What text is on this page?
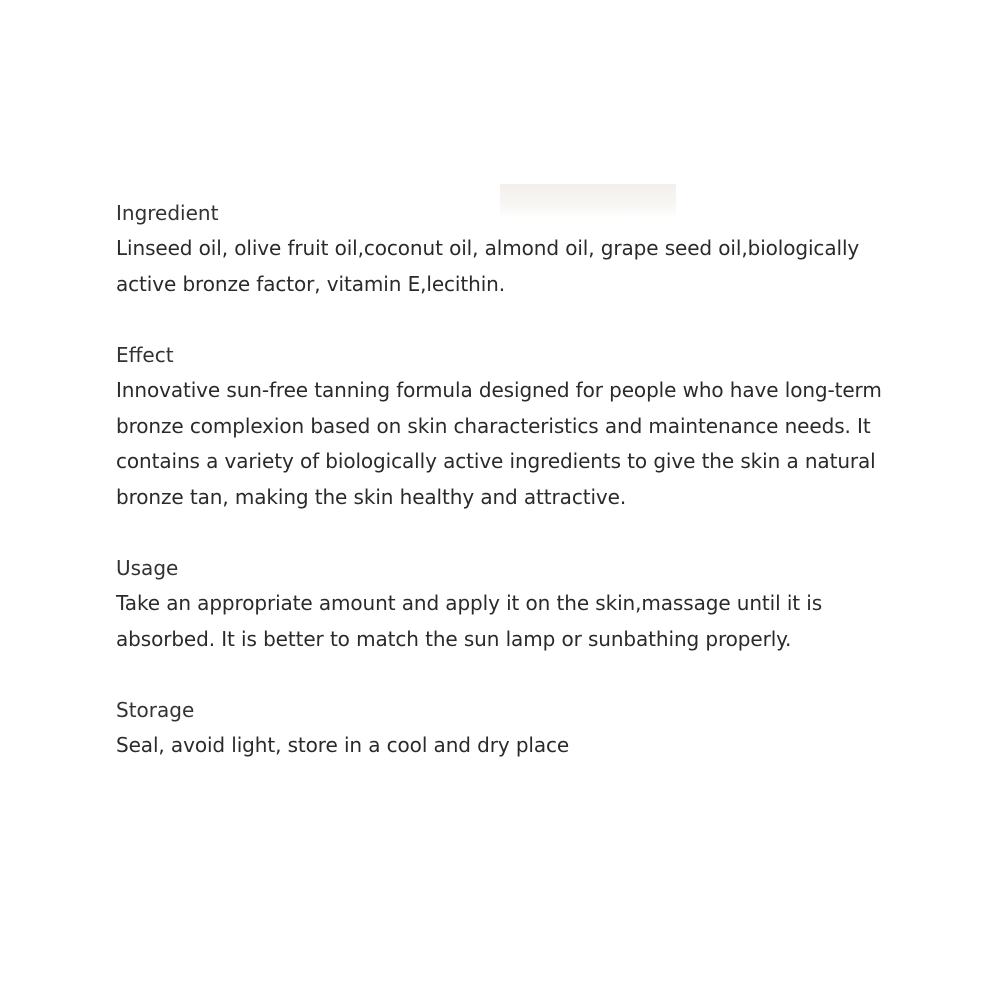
Ingredient

Linseed oil, olive fruit oil,coconut oil, almond oil, grape seed oil,biologically
active bronze factor, vitamin E,lecithin.

Effect

Innovative sun-free tanning formula designed for people who have long-term
bronze complexion based on skin characteristics and maintenance needs. It
contains a variety of biologically active ingredients to give the skin a natural
bronze tan, making the skin healthy and attractive.

Usage

Take an appropriate amount and apply it on the skin,massage until it is
absorbed. It is better to match the sun lamp or sunbathing properly.

Storage

Seal, avoid light, store in a cool and dry place
